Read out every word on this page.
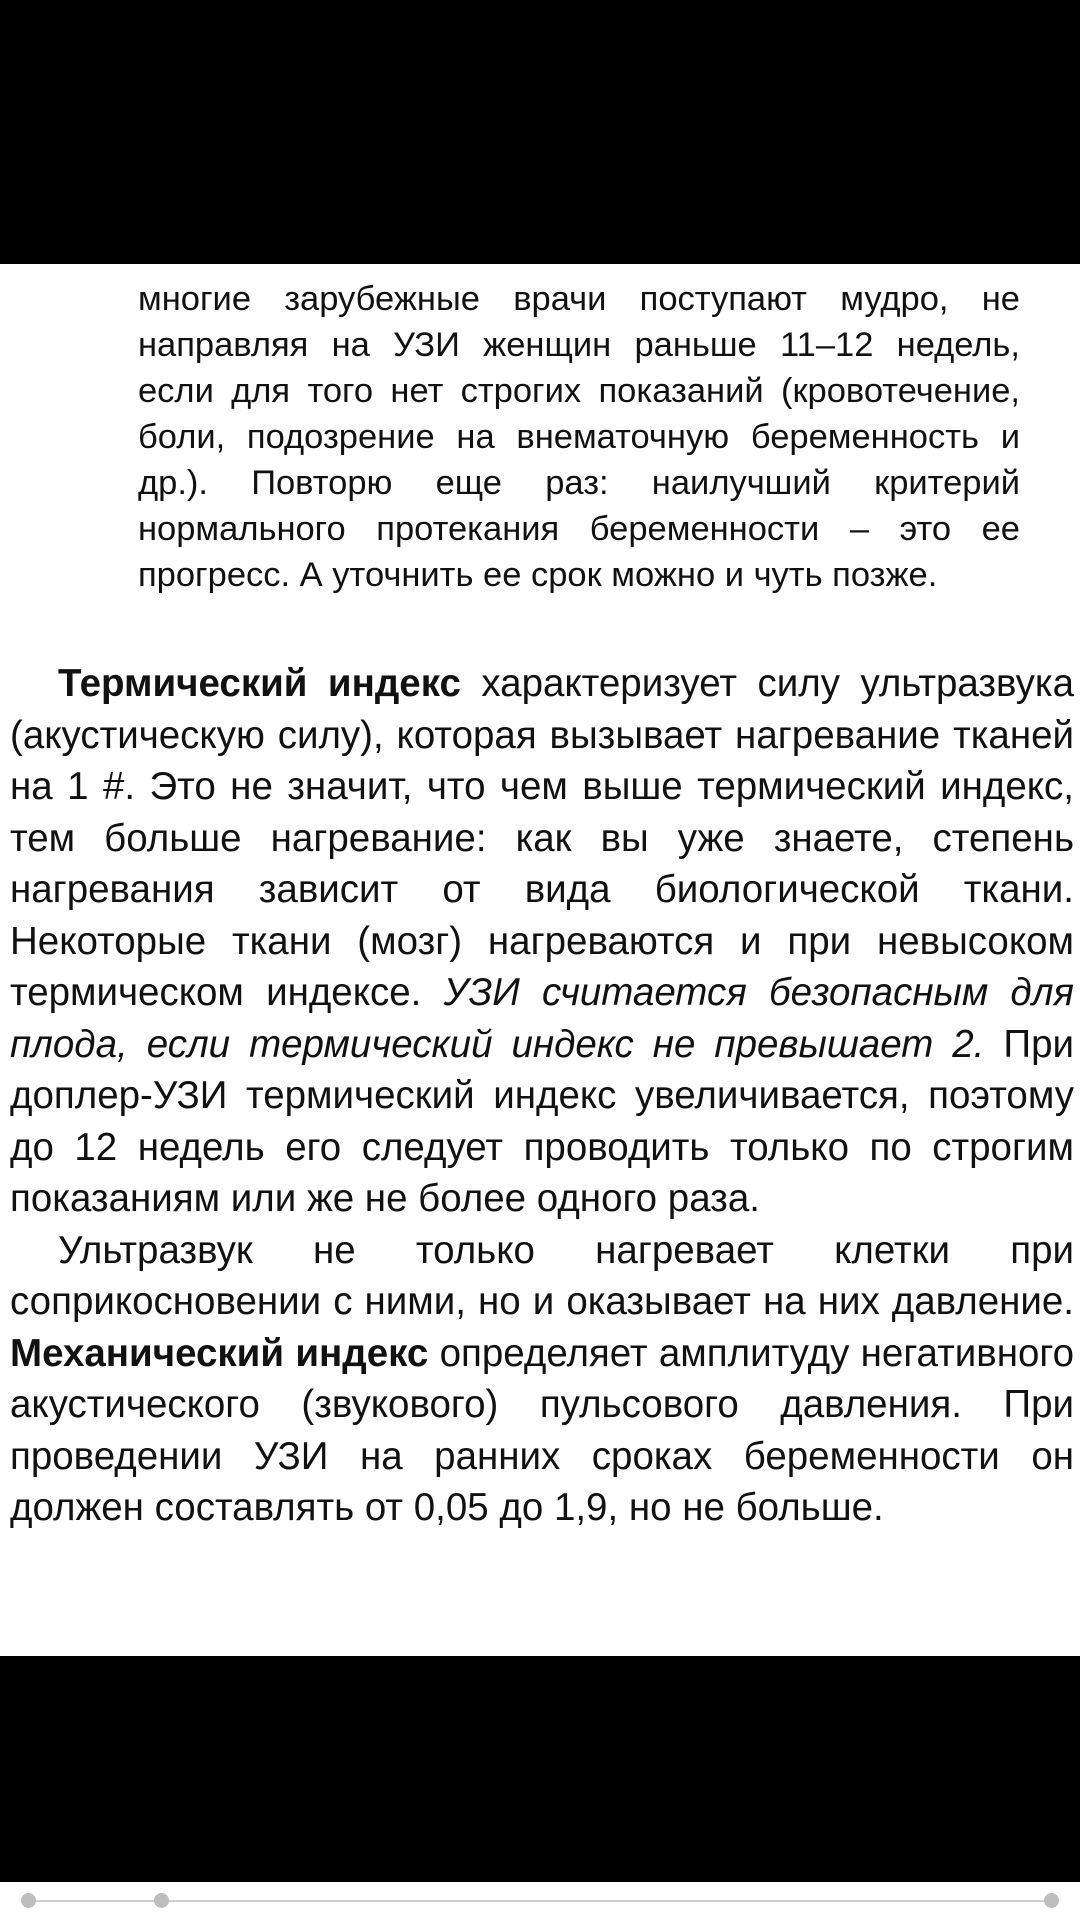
многие зарубежные врачи поступают мудро, не направляя на УЗИ женщин раньше 11–12 недель, если для того нет строгих показаний (кровотечение, боли, подозрение на внематочную беременность и др.). Повторю еще раз: наилучший критерий нормального протекания беременности – это ее прогресс. А уточнить ее срок можно и чуть позже.

Термический индекс характеризует силу ультразвука (акустическую силу), которая вызывает нагревание тканей на 1 #. Это не значит, что чем выше термический индекс, тем больше нагревание: как вы уже знаете, степень нагревания зависит от вида биологической ткани. Некоторые ткани (мозг) нагреваются и при невысоком термическом индексе. УЗИ считается безопасным для плода, если термический индекс не превышает 2. При доплер-УЗИ термический индекс увеличивается, поэтому до 12 недель его следует проводить только по строгим показаниям или же не более одного раза.

Ультразвук не только нагревает клетки при соприкосновении с ними, но и оказывает на них давление. Механический индекс определяет амплитуду негативного акустического (звукового) пульсового давления. При проведении УЗИ на ранних сроках беременности он должен составлять от 0,05 до 1,9, но не больше.
